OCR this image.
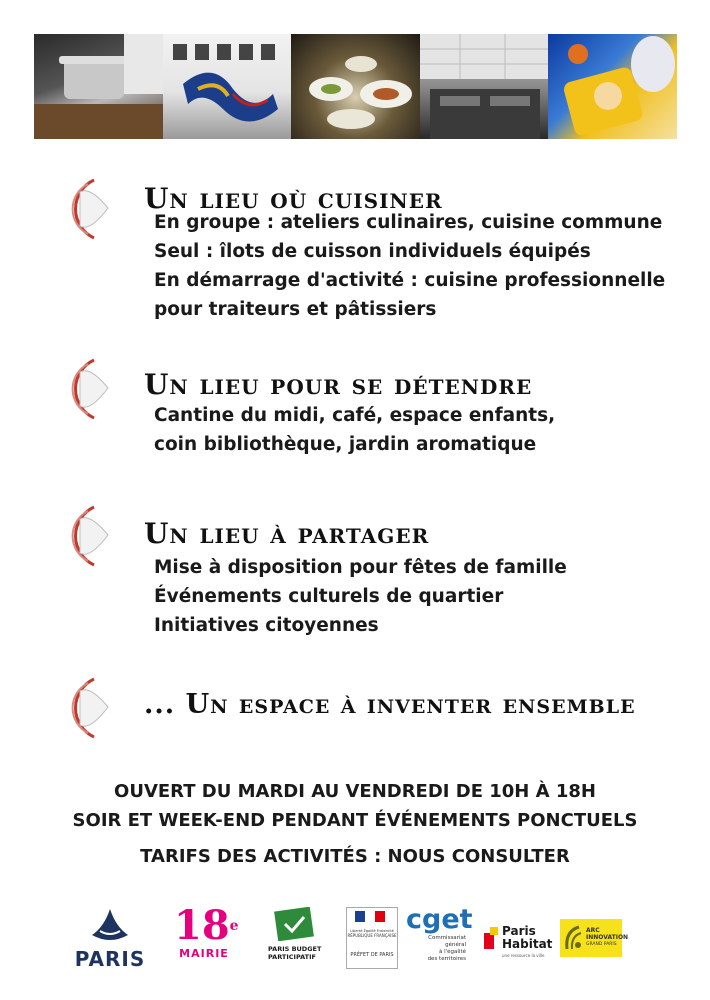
Un lieu où cuisiner
En groupe : ateliers culinaires, cuisine commune
Seul : îlots de cuisson individuels équipés
En démarrage d'activité : cuisine professionnelle
pour traiteurs et pâtissiers
Un lieu pour se détendre
Cantine du midi, café, espace enfants,
coin bibliothèque, jardin aromatique
Un lieu à partager
Mise à disposition pour fêtes de famille
Événements culturels de quartier
Initiatives citoyennes
... Un espace à inventer ensemble
OUVERT DU MARDI AU VENDREDI DE 10H À 18H
SOIR ET WEEK-END PENDANT ÉVÉNEMENTS PONCTUELS
TARIFS DES ACTIVITÉS : NOUS CONSULTER
PARIS
18e
MAIRIE	PARIS BUDGET
PARTICIPATIF
Liberté Égalité Fraternité
RÉPUBLIQUE FRANÇAISE
PRÉFET DE PARIS
cget
Commissariat
général
à l'égalité
des territoires
Paris
Habitat
une ressource la ville
ARC
INNOVATION
GRAND PARIS
